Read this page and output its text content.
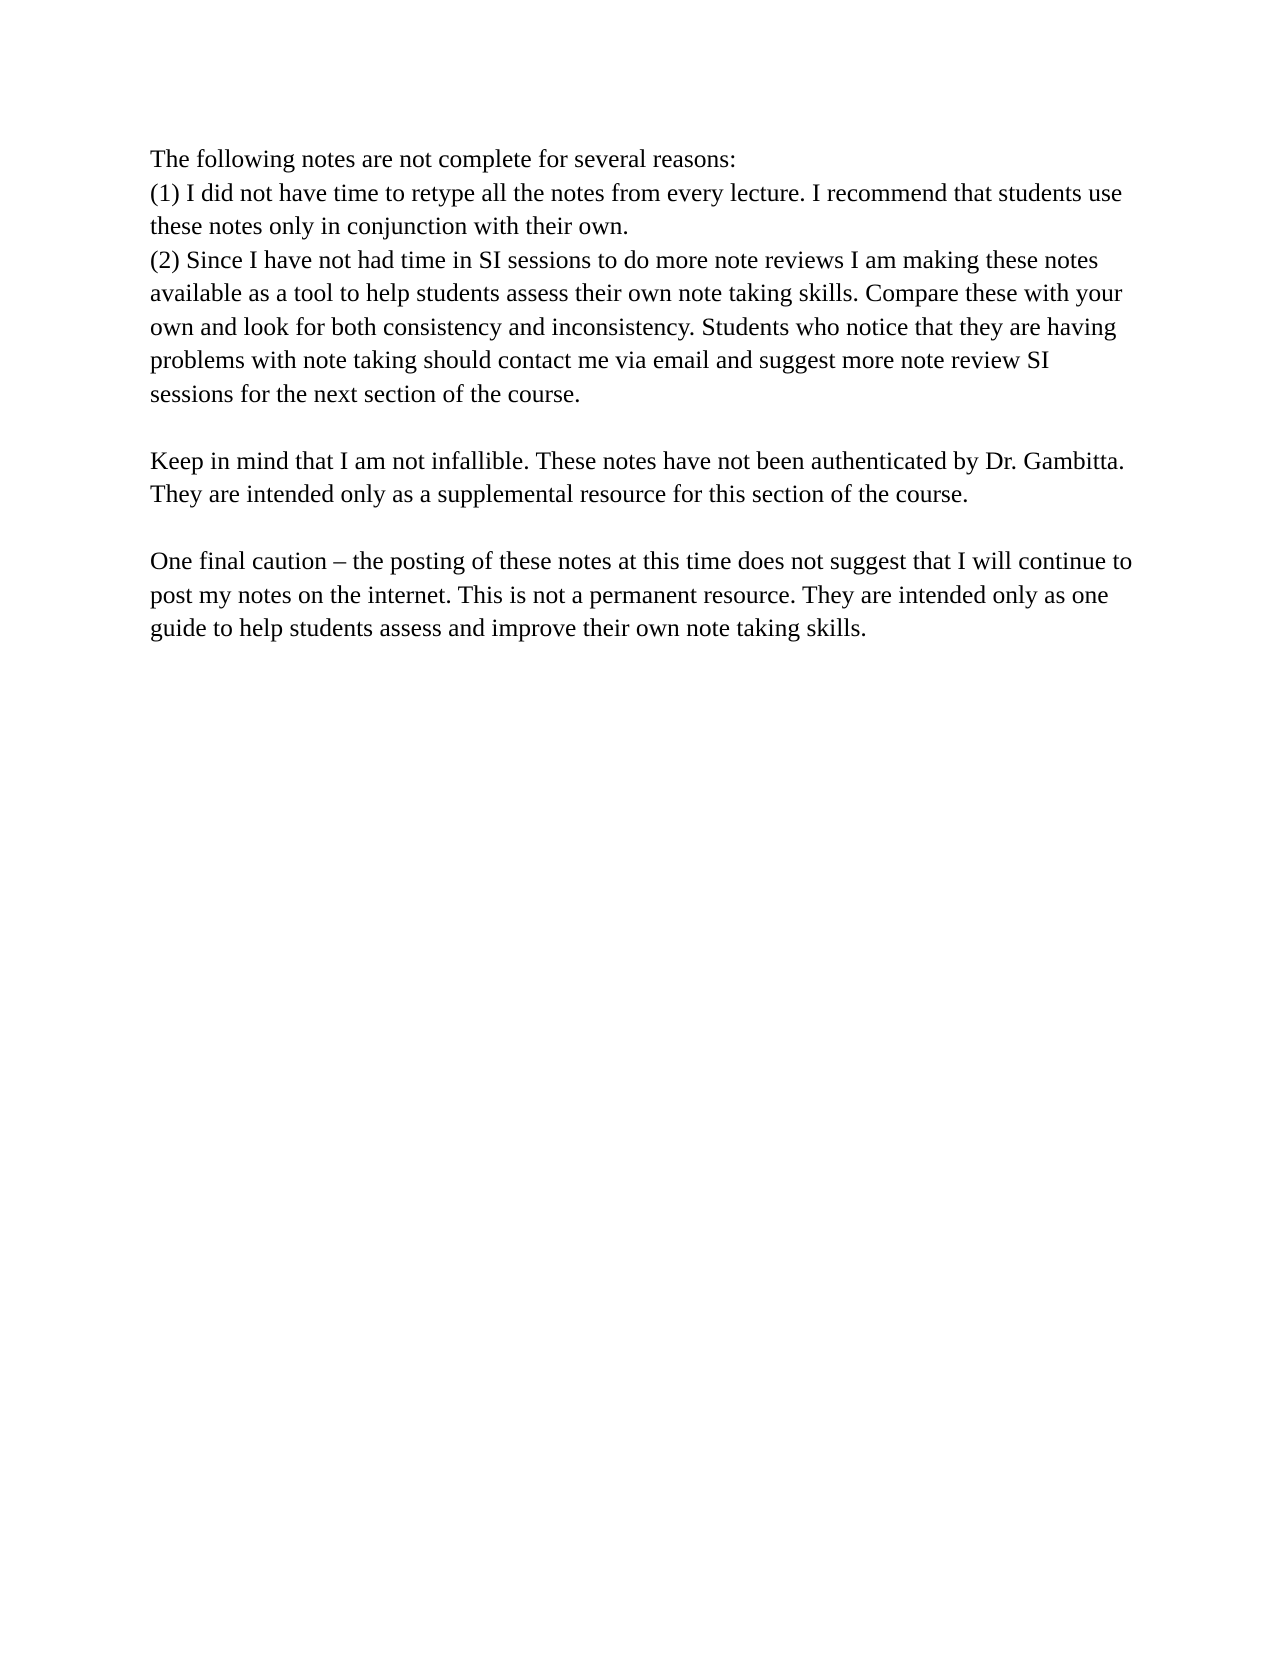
The following notes are not complete for several reasons:

(1) I did not have time to retype all the notes from every lecture. I recommend that students use these notes only in conjunction with their own.

(2) Since I have not had time in SI sessions to do more note reviews I am making these notes available as a tool to help students assess their own note taking skills. Compare these with your own and look for both consistency and inconsistency. Students who notice that they are having problems with note taking should contact me via email and suggest more note review SI sessions for the next section of the course.

Keep in mind that I am not infallible. These notes have not been authenticated by Dr. Gambitta. They are intended only as a supplemental resource for this section of the course.

One final caution – the posting of these notes at this time does not suggest that I will continue to post my notes on the internet. This is not a permanent resource. They are intended only as one guide to help students assess and improve their own note taking skills.
